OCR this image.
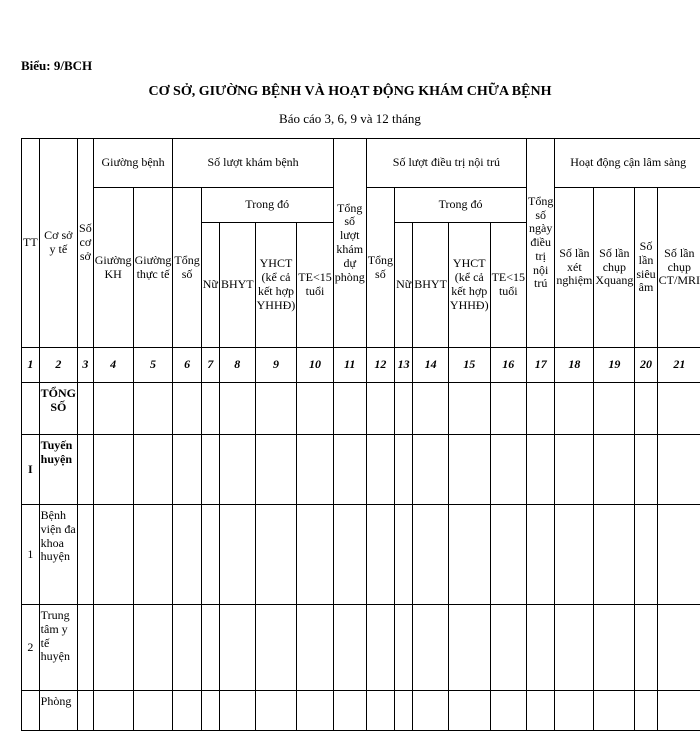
Biểu: 9/BCH
CƠ SỞ, GIƯỜNG BỆNH VÀ HOẠT ĐỘNG KHÁM CHỮA BỆNH
Báo cáo 3, 6, 9 và 12 tháng
TT	Cơ sở y tế	Số cơ sở	Giường bệnh		Số lượt khám bệnh					Tổng số lượt khám dự phòng	Số lượt điều trị nội trú					Tổng số ngày điều trị nội trú	Hoạt động cận lâm sàng			
			Giường KH	Giường thực tế	Tổng số	Trong đó					Tổng số	Trong đó					Số lần xét nghiệm	Số lần chụp Xquang	Số lần siêu âm	Số lần chụp CT/MRI
						Nữ	BHYT	YHCT (kể cả kết hợp YHHĐ)	TE<15 tuổi			Nữ	BHYT	YHCT (kể cả kết hợp YHHĐ)	TE<15 tuổi					
1	2	3	4	5	6	7	8	9	10	11	12	13	14	15	16	17	18	19	20	21
	TỔNG SỐ																			
I	Tuyến huyện																			
1	Bệnh viện đa khoa huyện																			
2	Trung tâm y tế huyện																			
	Phòng																			
